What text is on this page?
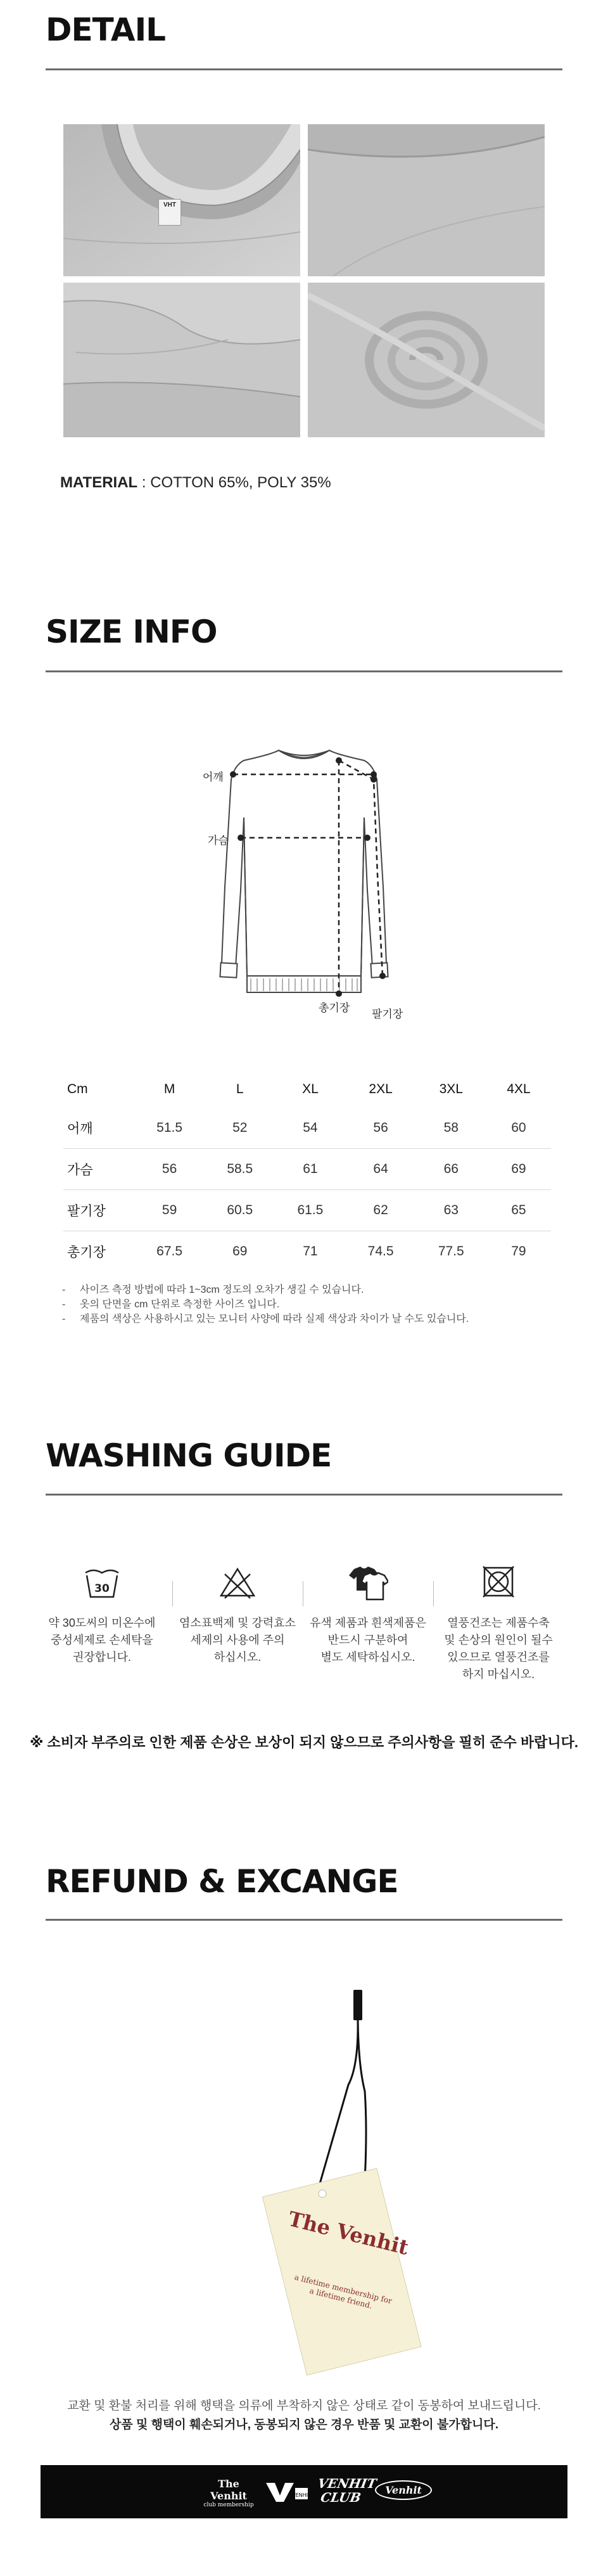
DETAIL
VHT
MATERIAL : COTTON 65%, POLY 35%
SIZE INFO
어깨
가슴
총기장
팔기장
Cm	M	L	XL	2XL	3XL	4XL
어깨	51.5	52	54	56	58	60
가슴	56	58.5	61	64	66	69
팔기장	59	60.5	61.5	62	63	65
총기장	67.5	69	71	74.5	77.5	79
- 사이즈 측정 방법에 따라 1~3cm 정도의 오차가 생길 수 있습니다.
- 옷의 단면을 cm 단위로 측정한 사이즈 입니다.
- 제품의 색상은 사용하시고 있는 모니터 사양에 따라 실제 색상과 차이가 날 수도 있습니다.
WASHING GUIDE
30
약 30도씨의 미온수에
중성세제로 손세탁을
권장합니다.
염소표백제 및 강력효소
세제의 사용에 주의
하십시오.
유색 제품과 흰색제품은
반드시 구분하여
별도 세탁하십시오.
열풍건조는 제품수축
및 손상의 원인이 될수
있으므로 열풍건조를
하지 마십시오.
※ 소비자 부주의로 인한 제품 손상은 보상이 되지 않으므로 주의사항을 필히 준수 바랍니다.
REFUND & EXCANGE
The Venhit
a lifetime membership for a lifetime friend.
교환 및 환불 처리를 위해 행택을 의류에 부착하지 않은 상태로 같이 동봉하여 보내드립니다.
상품 및 행택이 훼손되거나, 동봉되지 않은 경우 반품 및 교환이 불가합니다.
The Venhit
club membership
VENHIT
VENHIT CLUB	Venhit
